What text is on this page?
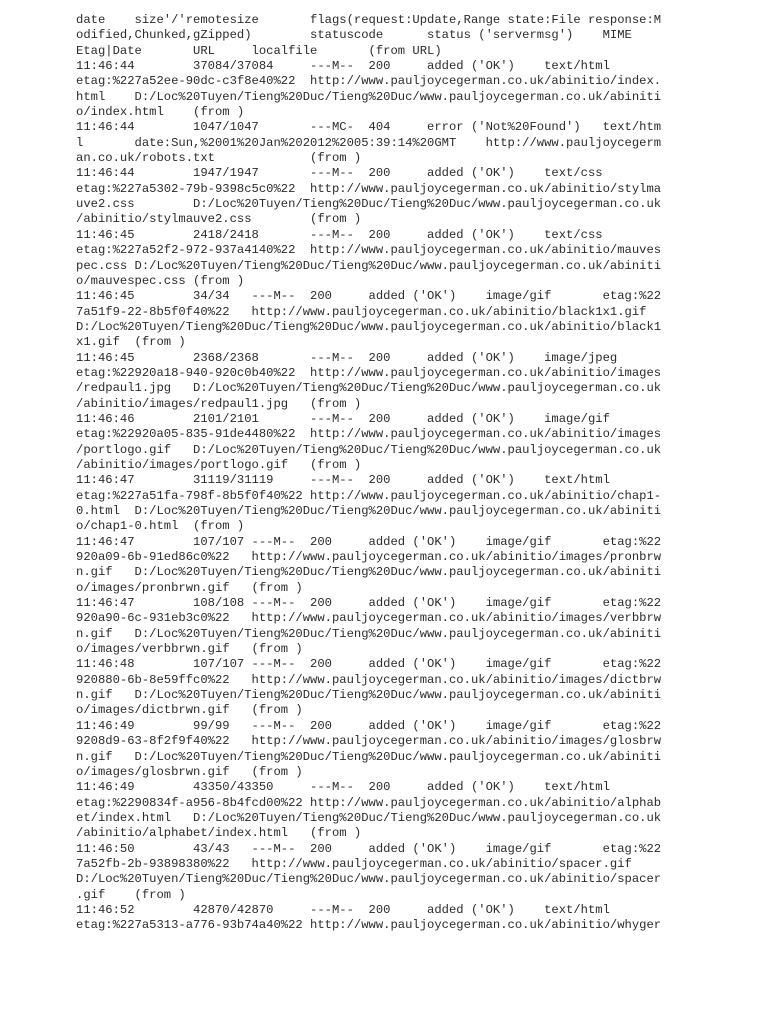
date    size'/'remotesize       flags(request:Update,Range state:File response:M
odified,Chunked,gZipped)        statuscode      status ('servermsg')    MIME
Etag|Date       URL     localfile       (from URL)
11:46:44        37084/37084     ---M--  200     added ('OK')    text/html
etag:%227a52ee-90dc-c3f8e40%22  http://www.pauljoycegerman.co.uk/abinitio/index.
html    D:/Loc%20Tuyen/Tieng%20Duc/Tieng%20Duc/www.pauljoycegerman.co.uk/abiniti
o/index.html    (from )
11:46:44        1047/1047       ---MC-  404     error ('Not%20Found')   text/htm
l       date:Sun,%2001%20Jan%202012%2005:39:14%20GMT    http://www.pauljoycegerm
an.co.uk/robots.txt             (from )
11:46:44        1947/1947       ---M--  200     added ('OK')    text/css
etag:%227a5302-79b-9398c5c0%22  http://www.pauljoycegerman.co.uk/abinitio/stylma
uve2.css        D:/Loc%20Tuyen/Tieng%20Duc/Tieng%20Duc/www.pauljoycegerman.co.uk
/abinitio/stylmauve2.css        (from )
11:46:45        2418/2418       ---M--  200     added ('OK')    text/css
etag:%227a52f2-972-937a4140%22  http://www.pauljoycegerman.co.uk/abinitio/mauves
pec.css D:/Loc%20Tuyen/Tieng%20Duc/Tieng%20Duc/www.pauljoycegerman.co.uk/abiniti
o/mauvespec.css (from )
11:46:45        34/34   ---M--  200     added ('OK')    image/gif       etag:%22
7a51f9-22-8b5f0f40%22   http://www.pauljoycegerman.co.uk/abinitio/black1x1.gif
D:/Loc%20Tuyen/Tieng%20Duc/Tieng%20Duc/www.pauljoycegerman.co.uk/abinitio/black1
x1.gif  (from )
11:46:45        2368/2368       ---M--  200     added ('OK')    image/jpeg
etag:%22920a18-940-920c0b40%22  http://www.pauljoycegerman.co.uk/abinitio/images
/redpaul1.jpg   D:/Loc%20Tuyen/Tieng%20Duc/Tieng%20Duc/www.pauljoycegerman.co.uk
/abinitio/images/redpaul1.jpg   (from )
11:46:46        2101/2101       ---M--  200     added ('OK')    image/gif
etag:%22920a05-835-91de4480%22  http://www.pauljoycegerman.co.uk/abinitio/images
/portlogo.gif   D:/Loc%20Tuyen/Tieng%20Duc/Tieng%20Duc/www.pauljoycegerman.co.uk
/abinitio/images/portlogo.gif   (from )
11:46:47        31119/31119     ---M--  200     added ('OK')    text/html
etag:%227a51fa-798f-8b5f0f40%22 http://www.pauljoycegerman.co.uk/abinitio/chap1-
0.html  D:/Loc%20Tuyen/Tieng%20Duc/Tieng%20Duc/www.pauljoycegerman.co.uk/abiniti
o/chap1-0.html  (from )
11:46:47        107/107 ---M--  200     added ('OK')    image/gif       etag:%22
920a09-6b-91ed86c0%22   http://www.pauljoycegerman.co.uk/abinitio/images/pronbrw
n.gif   D:/Loc%20Tuyen/Tieng%20Duc/Tieng%20Duc/www.pauljoycegerman.co.uk/abiniti
o/images/pronbrwn.gif   (from )
11:46:47        108/108 ---M--  200     added ('OK')    image/gif       etag:%22
920a90-6c-931eb3c0%22   http://www.pauljoycegerman.co.uk/abinitio/images/verbbrw
n.gif   D:/Loc%20Tuyen/Tieng%20Duc/Tieng%20Duc/www.pauljoycegerman.co.uk/abiniti
o/images/verbbrwn.gif   (from )
11:46:48        107/107 ---M--  200     added ('OK')    image/gif       etag:%22
920880-6b-8e59ffc0%22   http://www.pauljoycegerman.co.uk/abinitio/images/dictbrw
n.gif   D:/Loc%20Tuyen/Tieng%20Duc/Tieng%20Duc/www.pauljoycegerman.co.uk/abiniti
o/images/dictbrwn.gif   (from )
11:46:49        99/99   ---M--  200     added ('OK')    image/gif       etag:%22
9208d9-63-8f2f9f40%22   http://www.pauljoycegerman.co.uk/abinitio/images/glosbrw
n.gif   D:/Loc%20Tuyen/Tieng%20Duc/Tieng%20Duc/www.pauljoycegerman.co.uk/abiniti
o/images/glosbrwn.gif   (from )
11:46:49        43350/43350     ---M--  200     added ('OK')    text/html
etag:%2290834f-a956-8b4fcd00%22 http://www.pauljoycegerman.co.uk/abinitio/alphab
et/index.html   D:/Loc%20Tuyen/Tieng%20Duc/Tieng%20Duc/www.pauljoycegerman.co.uk
/abinitio/alphabet/index.html   (from )
11:46:50        43/43   ---M--  200     added ('OK')    image/gif       etag:%22
7a52fb-2b-93898380%22   http://www.pauljoycegerman.co.uk/abinitio/spacer.gif
D:/Loc%20Tuyen/Tieng%20Duc/Tieng%20Duc/www.pauljoycegerman.co.uk/abinitio/spacer
.gif    (from )
11:46:52        42870/42870     ---M--  200     added ('OK')    text/html
etag:%227a5313-a776-93b74a40%22 http://www.pauljoycegerman.co.uk/abinitio/whyger
